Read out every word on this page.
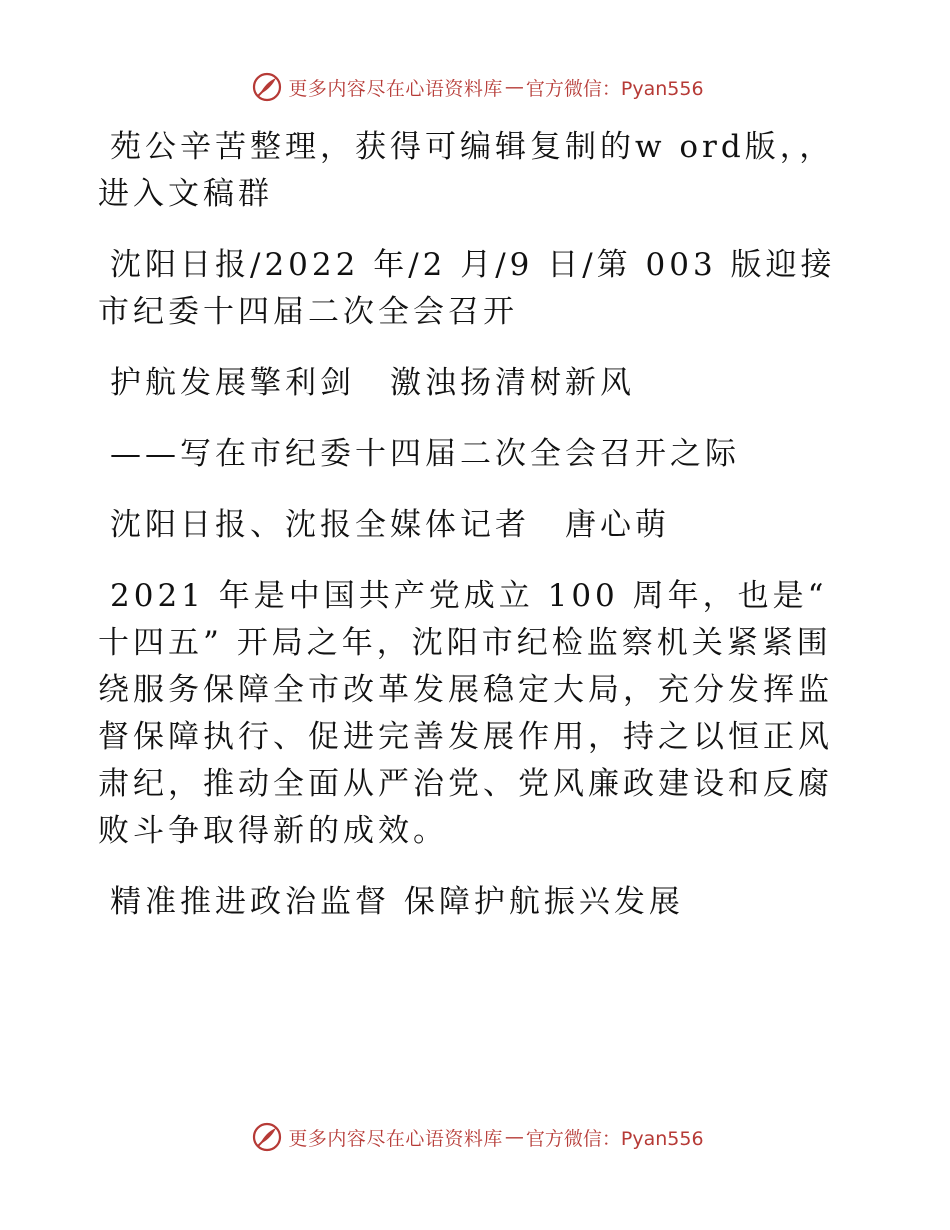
更多内容尽在心语资料库 — 官方微信：Pyan556

苑公辛苦整理，获得可编辑复制的w ord版，，进入文稿群

沈阳日报/2022 年/2 月/9 日/第 003 版迎接市纪委十四届二次全会召开

护航发展擎利剑　激浊扬清树新风

——写在市纪委十四届二次全会召开之际

沈阳日报、沈报全媒体记者　唐心萌

2021 年是中国共产党成立 100 周年，也是“ 十四五” 开局之年，沈阳市纪检监察机关紧紧围绕服务保障全市改革发展稳定大局，充分发挥监督保障执行、促进完善发展作用，持之以恒正风肃纪，推动全面从严治党、党风廉政建设和反腐败斗争取得新的成效。

精准推进政治监督 保障护航振兴发展

更多内容尽在心语资料库 — 官方微信：Pyan556
